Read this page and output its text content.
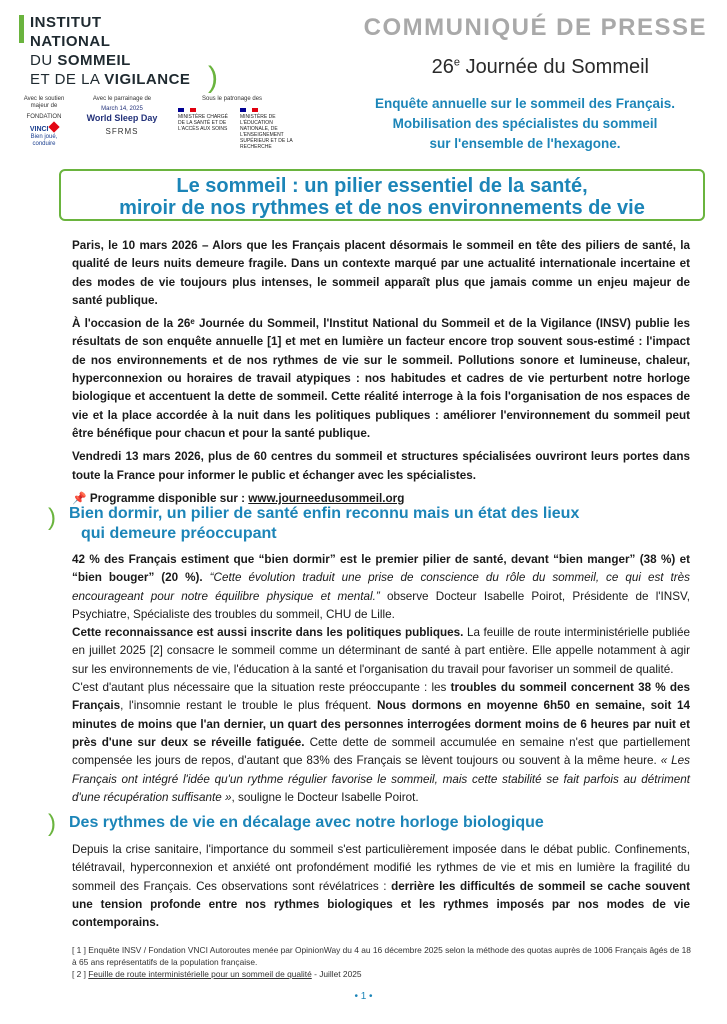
INSTITUT
NATIONAL
DU SOMMEIL
ET DE LA VIGILANCE )
Avec le soutien majeur de
FONDATION
VINCI
Bien joué, conduire
Avec le parrainage de
March 14, 2025
World Sleep Day
SFRMS
Sous le patronage des
MINISTÈRE CHARGÉ DE LA SANTÉ ET DE L'ACCÈS AUX SOINS
MINISTÈRE DE L'ÉDUCATION NATIONALE, DE L'ENSEIGNEMENT SUPÉRIEUR ET DE LA RECHERCHE
COMMUNIQUÉ DE PRESSE
26e Journée du Sommeil
Enquête annuelle sur le sommeil des Français.
Mobilisation des spécialistes du sommeil
sur l'ensemble de l'hexagone.
Le sommeil : un pilier essentiel de la santé,
miroir de nos rythmes et de nos environnements de vie

Paris, le 10 mars 2026 – Alors que les Français placent désormais le sommeil en tête des piliers de santé, la qualité de leurs nuits demeure fragile. Dans un contexte marqué par une actualité internationale incertaine et des modes de vie toujours plus intenses, le sommeil apparaît plus que jamais comme un enjeu majeur de santé publique.

À l'occasion de la 26ᵉ Journée du Sommeil, l'Institut National du Sommeil et de la Vigilance (INSV) publie les résultats de son enquête annuelle [1] et met en lumière un facteur encore trop souvent sous-estimé : l'impact de nos environnements et de nos rythmes de vie sur le sommeil. Pollutions sonore et lumineuse, chaleur, hyperconnexion ou horaires de travail atypiques : nos habitudes et cadres de vie perturbent notre horloge biologique et accentuent la dette de sommeil. Cette réalité interroge à la fois l'organisation de nos espaces de vie et la place accordée à la nuit dans les politiques publiques : améliorer l'environnement du sommeil peut être bénéfique pour chacun et pour la santé publique.

Vendredi 13 mars 2026, plus de 60 centres du sommeil et structures spécialisées ouvriront leurs portes dans toute la France pour informer le public et échanger avec les spécialistes.

📌 Programme disponible sur : www.journeedusommeil.org

) Bien dormir, un pilier de santé enfin reconnu mais un état des lieux
qui demeure préoccupant

42 % des Français estiment que “bien dormir” est le premier pilier de santé, devant “bien manger” (38 %) et “bien bouger” (20 %). “Cette évolution traduit une prise de conscience du rôle du sommeil, ce qui est très encourageant pour notre équilibre physique et mental.” observe Docteur Isabelle Poirot, Présidente de l'INSV, Psychiatre, Spécialiste des troubles du sommeil, CHU de Lille.

Cette reconnaissance est aussi inscrite dans les politiques publiques. La feuille de route interministérielle publiée en juillet 2025 [2] consacre le sommeil comme un déterminant de santé à part entière. Elle appelle notamment à agir sur les environnements de vie, l'éducation à la santé et l'organisation du travail pour favoriser un sommeil de qualité.

C'est d'autant plus nécessaire que la situation reste préoccupante : les troubles du sommeil concernent 38 % des Français, l'insomnie restant le trouble le plus fréquent. Nous dormons en moyenne 6h50 en semaine, soit 14 minutes de moins que l'an dernier, un quart des personnes interrogées dorment moins de 6 heures par nuit et près d'une sur deux se réveille fatiguée. Cette dette de sommeil accumulée en semaine n'est que partiellement compensée les jours de repos, d'autant que 83% des Français se lèvent toujours ou souvent à la même heure. « Les Français ont intégré l'idée qu'un rythme régulier favorise le sommeil, mais cette stabilité se fait parfois au détriment d'une récupération suffisante », souligne le Docteur Isabelle Poirot.

) Des rythmes de vie en décalage avec notre horloge biologique

Depuis la crise sanitaire, l'importance du sommeil s'est particulièrement imposée dans le débat public. Confinements, télétravail, hyperconnexion et anxiété ont profondément modifié les rythmes de vie et mis en lumière la fragilité du sommeil des Français. Ces observations sont révélatrices : derrière les difficultés de sommeil se cache souvent une tension profonde entre nos rythmes biologiques et les rythmes imposés par nos modes de vie contemporains.

[ 1 ] Enquête INSV / Fondation VNCI Autoroutes menée par OpinionWay du 4 au 16 décembre 2025 selon la méthode des quotas auprès de 1006 Français âgés de 18 à 65 ans représentatifs de la population française.
[ 2 ] Feuille de route interministérielle pour un sommeil de qualité - Juillet 2025
• 1 •
